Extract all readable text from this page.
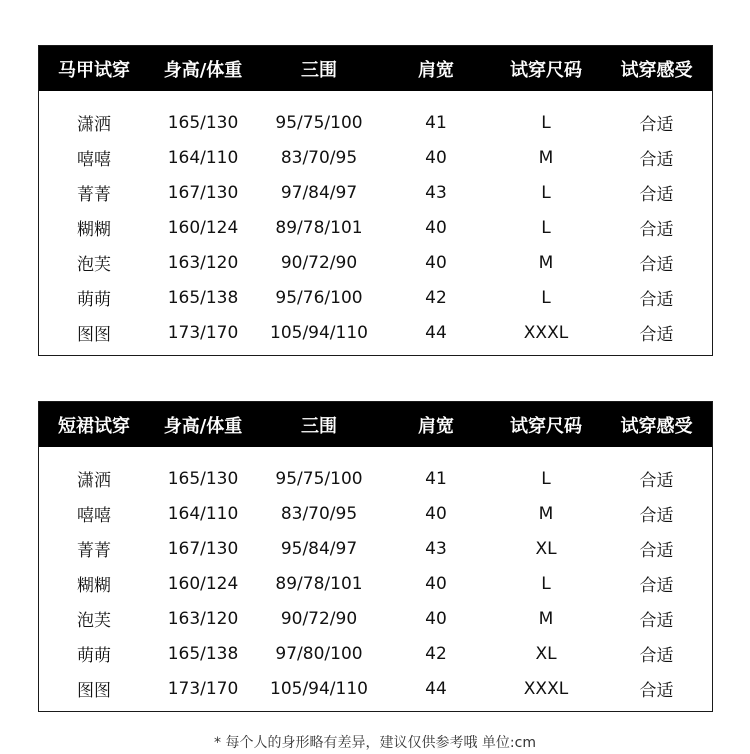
马甲试穿	身高/体重	三围	肩宽	试穿尺码	试穿感受
潇洒	165/130	95/75/100	41	L	合适
嘻嘻	164/110	83/70/95	40	M	合适
菁菁	167/130	97/84/97	43	L	合适
糊糊	160/124	89/78/101	40	L	合适
泡芙	163/120	90/72/90	40	M	合适
萌萌	165/138	95/76/100	42	L	合适
图图	173/170	105/94/110	44	XXXL	合适
短裙试穿	身高/体重	三围	肩宽	试穿尺码	试穿感受
潇洒	165/130	95/75/100	41	L	合适
嘻嘻	164/110	83/70/95	40	M	合适
菁菁	167/130	95/84/97	43	XL	合适
糊糊	160/124	89/78/101	40	L	合适
泡芙	163/120	90/72/90	40	M	合适
萌萌	165/138	97/80/100	42	XL	合适
图图	173/170	105/94/110	44	XXXL	合适
* 每个人的身形略有差异，建议仅供参考哦 单位:cm
